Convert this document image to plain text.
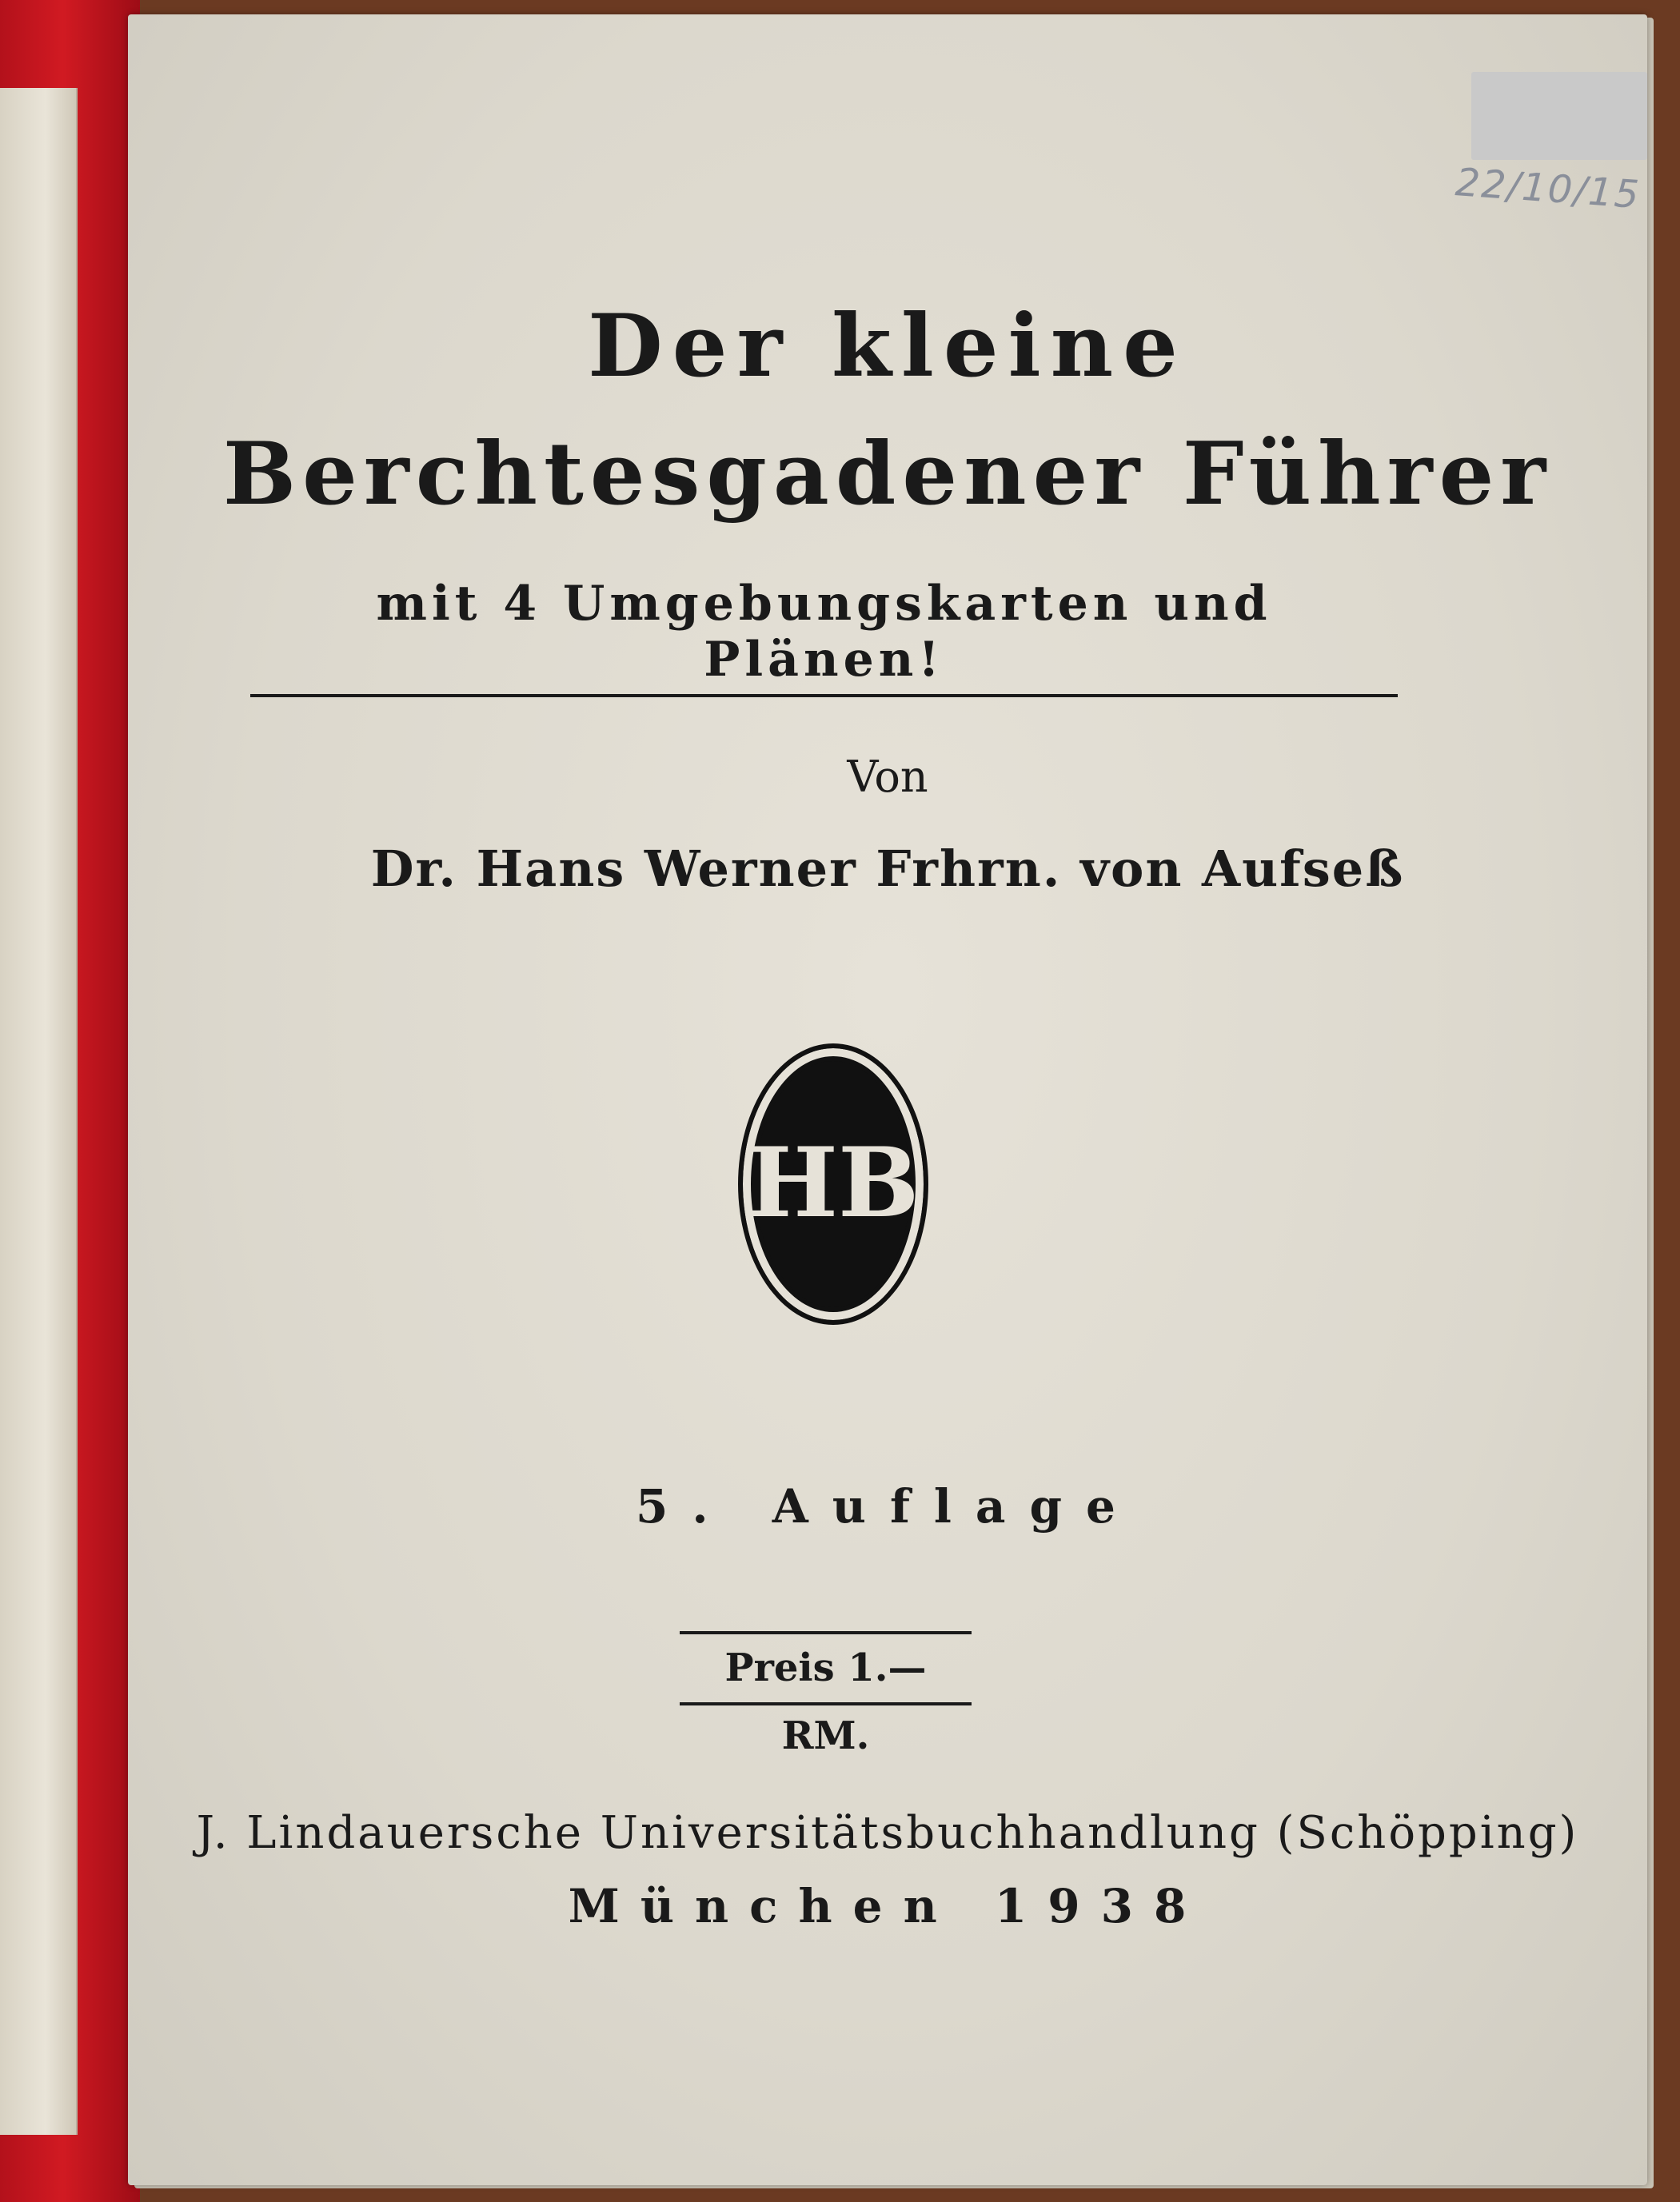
22/10/15
Der kleine
Berchtesgadener Führer
mit 4 Umgebungskarten und Plänen!
Von
Dr. Hans Werner Frhrn. von Aufseß
HB
5. Auflage
Preis 1.— RM.
J. Lindauersche Universitätsbuchhandlung (Schöpping)
München 1938
